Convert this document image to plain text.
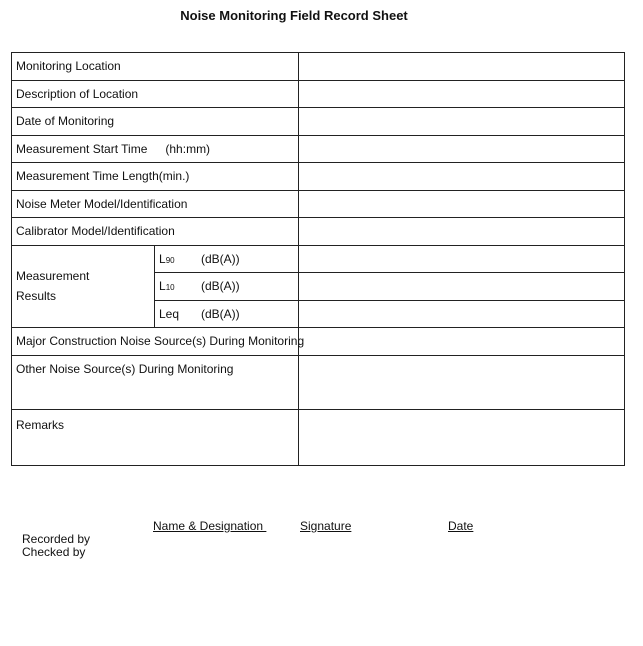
Noise Monitoring Field Record Sheet
Monitoring Location		
Description of Location		
Date of Monitoring		
Measurement Start Time (hh:mm)		
Measurement Time Length(min.)		
Noise Meter Model/Identification		
Calibrator Model/Identification		

Measurement
Results	L90 (dB(A))	
	L10 (dB(A))	
	Leq (dB(A))	
Major Construction Noise Source(s) During Monitoring		
Other Noise Source(s) During Monitoring		
Remarks		
Name & Designation	Signature	Date
Recorded by
Checked by
